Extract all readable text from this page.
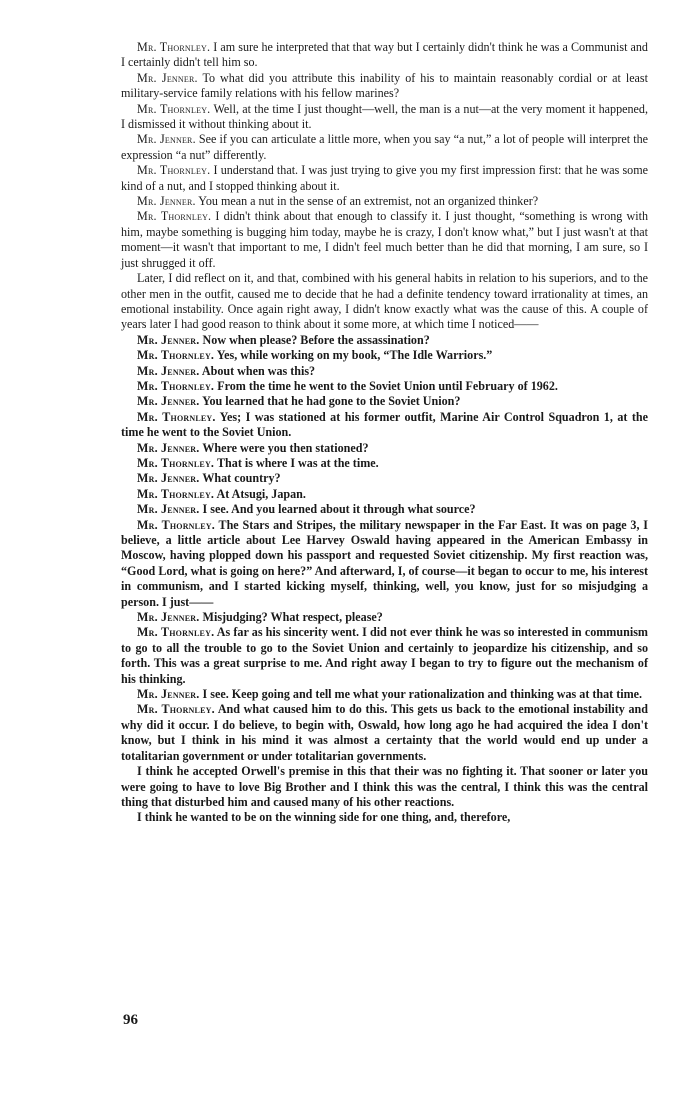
Mr. Thornley. I am sure he interpreted that that way but I certainly didn't think he was a Communist and I certainly didn't tell him so.

Mr. Jenner. To what did you attribute this inability of his to maintain reasonably cordial or at least military-service family relations with his fellow marines?

Mr. Thornley. Well, at the time I just thought—well, the man is a nut—at the very moment it happened, I dismissed it without thinking about it.

Mr. Jenner. See if you can articulate a little more, when you say “a nut,” a lot of people will interpret the expression “a nut” differently.

Mr. Thornley. I understand that. I was just trying to give you my first impression first: that he was some kind of a nut, and I stopped thinking about it.

Mr. Jenner. You mean a nut in the sense of an extremist, not an organized thinker?

Mr. Thornley. I didn't think about that enough to classify it. I just thought, “something is wrong with him, maybe something is bugging him today, maybe he is crazy, I don't know what,” but I just wasn't at that moment—it wasn't that important to me, I didn't feel much better than he did that morning, I am sure, so I just shrugged it off.

Later, I did reflect on it, and that, combined with his general habits in relation to his superiors, and to the other men in the outfit, caused me to decide that he had a definite tendency toward irrationality at times, an emotional instability. Once again right away, I didn't know exactly what was the cause of this. A couple of years later I had good reason to think about it some more, at which time I noticed——

Mr. Jenner. Now when please? Before the assassination?

Mr. Thornley. Yes, while working on my book, “The Idle Warriors.”

Mr. Jenner. About when was this?

Mr. Thornley. From the time he went to the Soviet Union until February of 1962.

Mr. Jenner. You learned that he had gone to the Soviet Union?

Mr. Thornley. Yes; I was stationed at his former outfit, Marine Air Control Squadron 1, at the time he went to the Soviet Union.

Mr. Jenner. Where were you then stationed?

Mr. Thornley. That is where I was at the time.

Mr. Jenner. What country?

Mr. Thornley. At Atsugi, Japan.

Mr. Jenner. I see. And you learned about it through what source?

Mr. Thornley. The Stars and Stripes, the military newspaper in the Far East. It was on page 3, I believe, a little article about Lee Harvey Oswald having appeared in the American Embassy in Moscow, having plopped down his passport and requested Soviet citizenship. My first reaction was, “Good Lord, what is going on here?” And afterward, I, of course—it began to occur to me, his interest in communism, and I started kicking myself, thinking, well, you know, just for so misjudging a person. I just——

Mr. Jenner. Misjudging? What respect, please?

Mr. Thornley. As far as his sincerity went. I did not ever think he was so interested in communism to go to all the trouble to go to the Soviet Union and certainly to jeopardize his citizenship, and so forth. This was a great surprise to me. And right away I began to try to figure out the mechanism of his thinking.

Mr. Jenner. I see. Keep going and tell me what your rationalization and thinking was at that time.

Mr. Thornley. And what caused him to do this. This gets us back to the emotional instability and why did it occur. I do believe, to begin with, Oswald, how long ago he had acquired the idea I don't know, but I think in his mind it was almost a certainty that the world would end up under a totalitarian government or under totalitarian governments.

I think he accepted Orwell's premise in this that their was no fighting it. That sooner or later you were going to have to love Big Brother and I think this was the central, I think this was the central thing that disturbed him and caused many of his other reactions.

I think he wanted to be on the winning side for one thing, and, therefore,

96
